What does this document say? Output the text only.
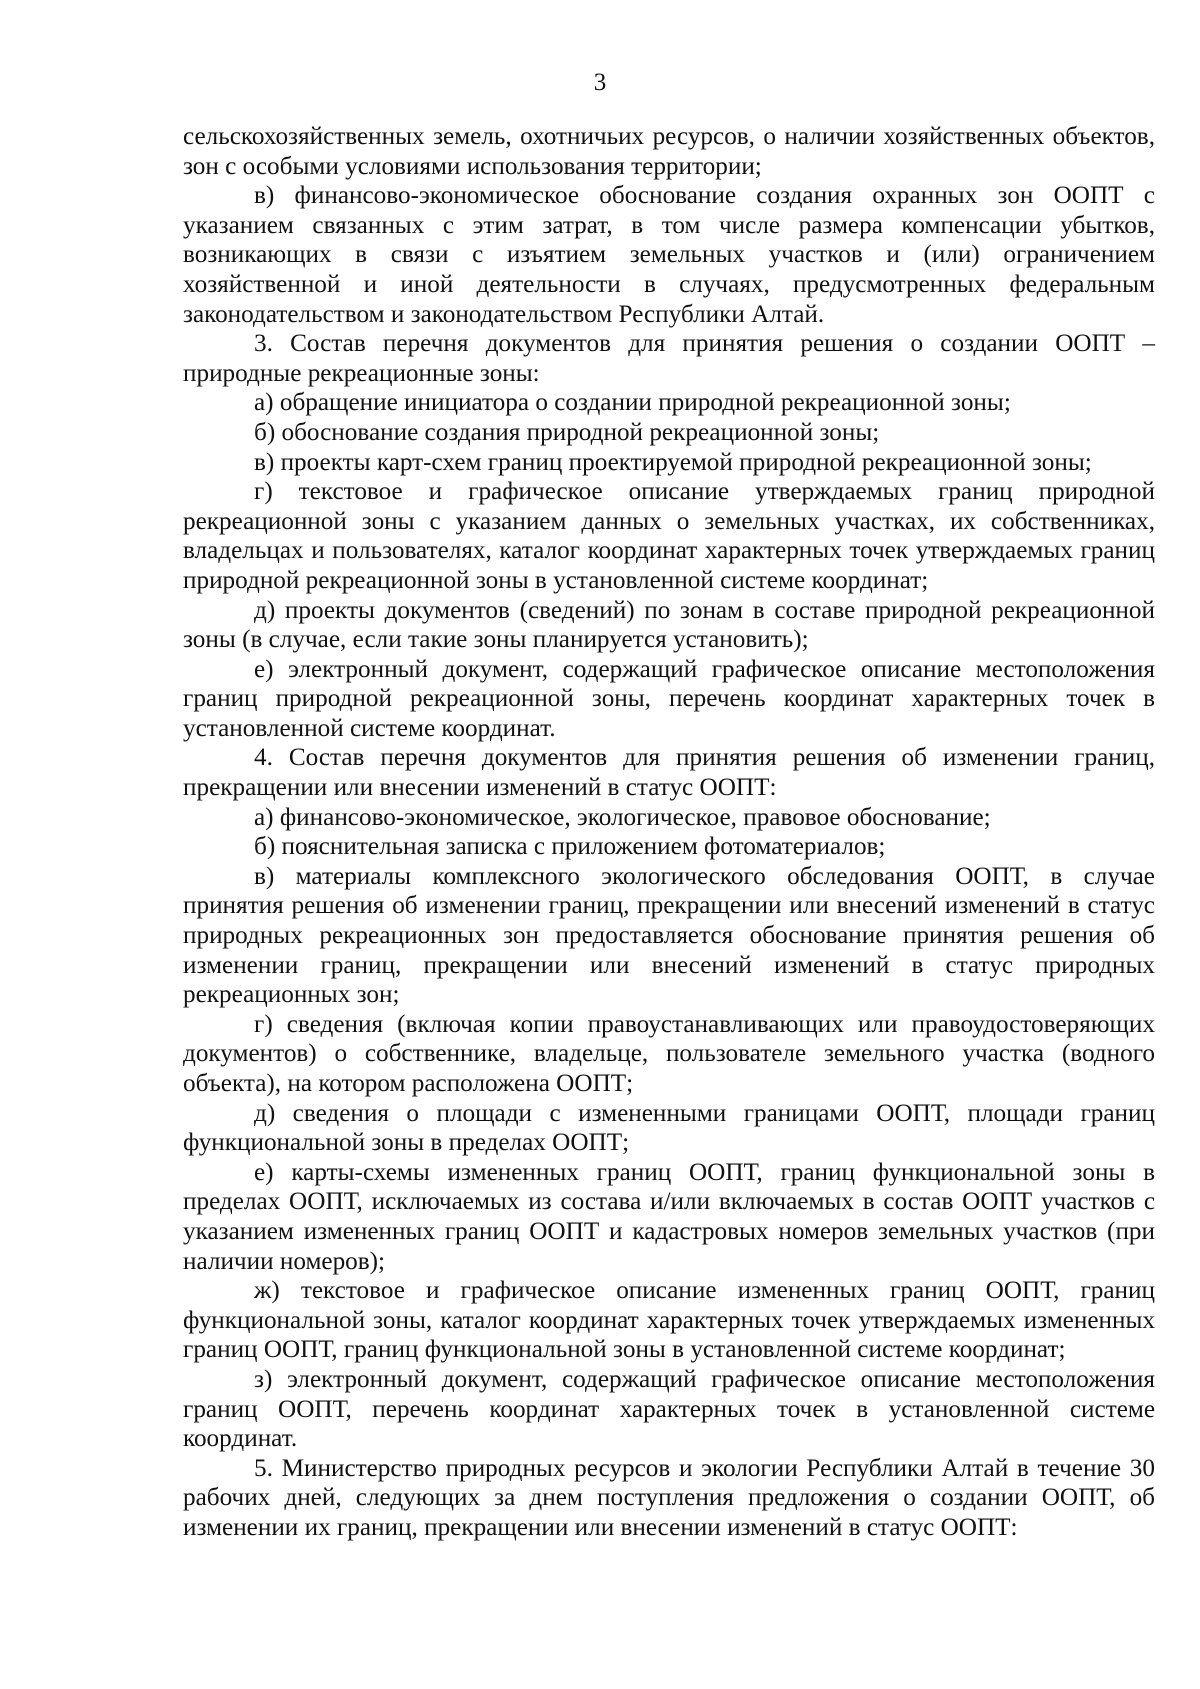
3

сельскохозяйственных земель, охотничьих ресурсов, о наличии хозяйственных объектов, зон с особыми условиями использования территории;

в) финансово-экономическое обоснование создания охранных зон ООПТ с указанием связанных с этим затрат, в том числе размера компенсации убытков, возникающих в связи с изъятием земельных участков и (или) ограничением хозяйственной и иной деятельности в случаях, предусмотренных федеральным законодательством и законодательством Республики Алтай.

3. Состав перечня документов для принятия решения о создании ООПТ – природные рекреационные зоны:

а) обращение инициатора о создании природной рекреационной зоны;

б) обоснование создания природной рекреационной зоны;

в) проекты карт-схем границ проектируемой природной рекреационной зоны;

г) текстовое и графическое описание утверждаемых границ природной рекреационной зоны с указанием данных о земельных участках, их собственниках, владельцах и пользователях, каталог координат характерных точек утверждаемых границ природной рекреационной зоны в установленной системе координат;

д) проекты документов (сведений) по зонам в составе природной рекреационной зоны (в случае, если такие зоны планируется установить);

е) электронный документ, содержащий графическое описание местоположения границ природной рекреационной зоны, перечень координат характерных точек в установленной системе координат.

4. Состав перечня документов для принятия решения об изменении границ, прекращении или внесении изменений в статус ООПТ:

а) финансово-экономическое, экологическое, правовое обоснование;

б) пояснительная записка с приложением фотоматериалов;

в) материалы комплексного экологического обследования ООПТ, в случае принятия решения об изменении границ, прекращении или внесений изменений в статус природных рекреационных зон предоставляется обоснование принятия решения об изменении границ, прекращении или внесений изменений в статус природных рекреационных зон;

г) сведения (включая копии правоустанавливающих или правоудостоверяющих документов) о собственнике, владельце, пользователе земельного участка (водного объекта), на котором расположена ООПТ;

д) сведения о площади с измененными границами ООПТ, площади границ функциональной зоны в пределах ООПТ;

е) карты-схемы измененных границ ООПТ, границ функциональной зоны в пределах ООПТ, исключаемых из состава и/или включаемых в состав ООПТ участков с указанием измененных границ ООПТ и кадастровых номеров земельных участков (при наличии номеров);

ж) текстовое и графическое описание измененных границ ООПТ, границ функциональной зоны, каталог координат характерных точек утверждаемых измененных границ ООПТ, границ функциональной зоны в установленной системе координат;

з) электронный документ, содержащий графическое описание местоположения границ ООПТ, перечень координат характерных точек в установленной системе координат.

5. Министерство природных ресурсов и экологии Республики Алтай в течение 30 рабочих дней, следующих за днем поступления предложения о создании ООПТ, об изменении их границ, прекращении или внесении изменений в статус ООПТ:
